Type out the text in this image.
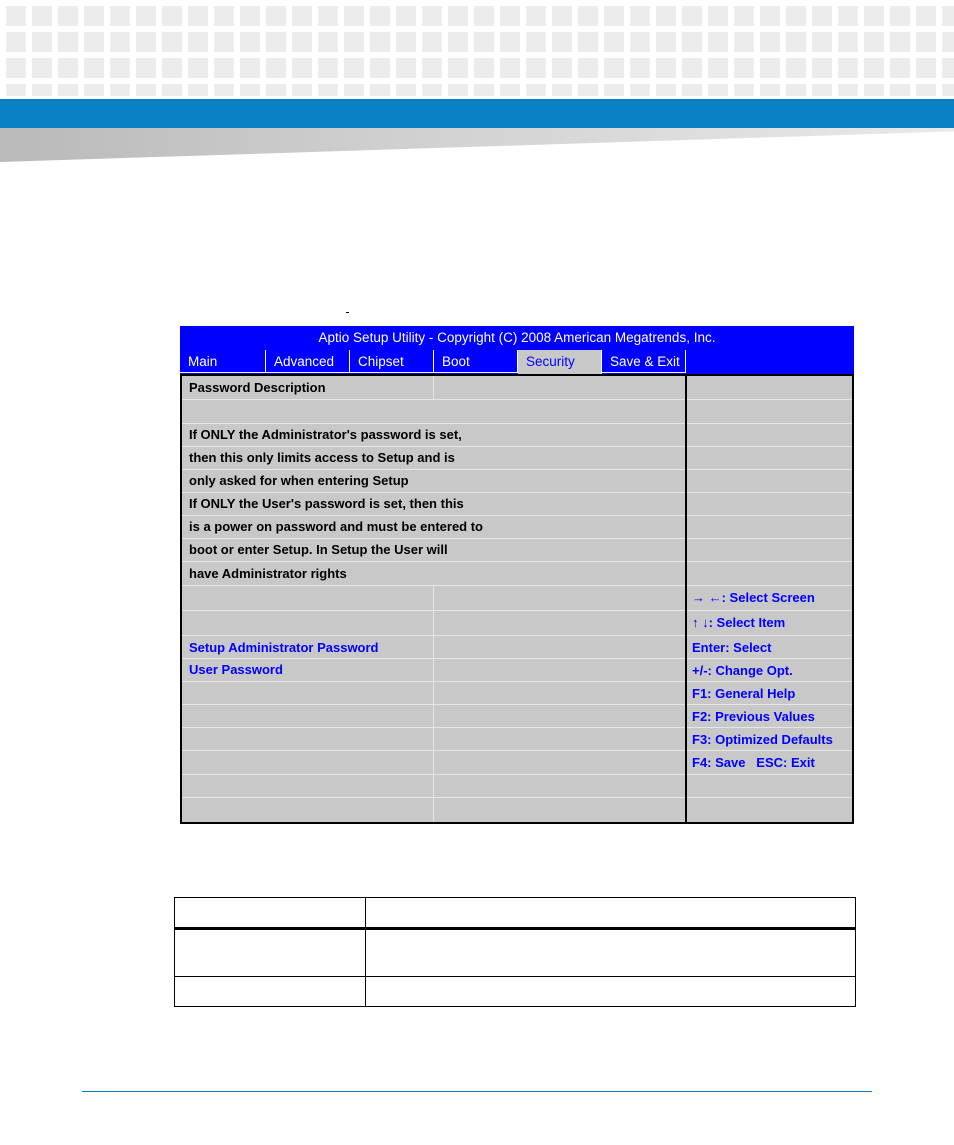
Aptio Setup Utility - Copyright (C) 2008 American Megatrends, Inc.
Main	Advanced	Chipset	Boot	Security	Save & Exit
Password Description
If ONLY the Administrator's password is set,
then this only limits access to Setup and is
only asked for when entering Setup
If ONLY the User's password is set, then this
is a power on password and must be entered to
boot or enter Setup. In Setup the User will
have Administrator rights
Setup Administrator Password
User Password
→ ←: Select Screen
↑ ↓: Select Item
Enter: Select
+/-: Change Opt.
F1: General Help
F2: Previous Values
F3: Optimized Defaults
F4: Save   ESC: Exit
